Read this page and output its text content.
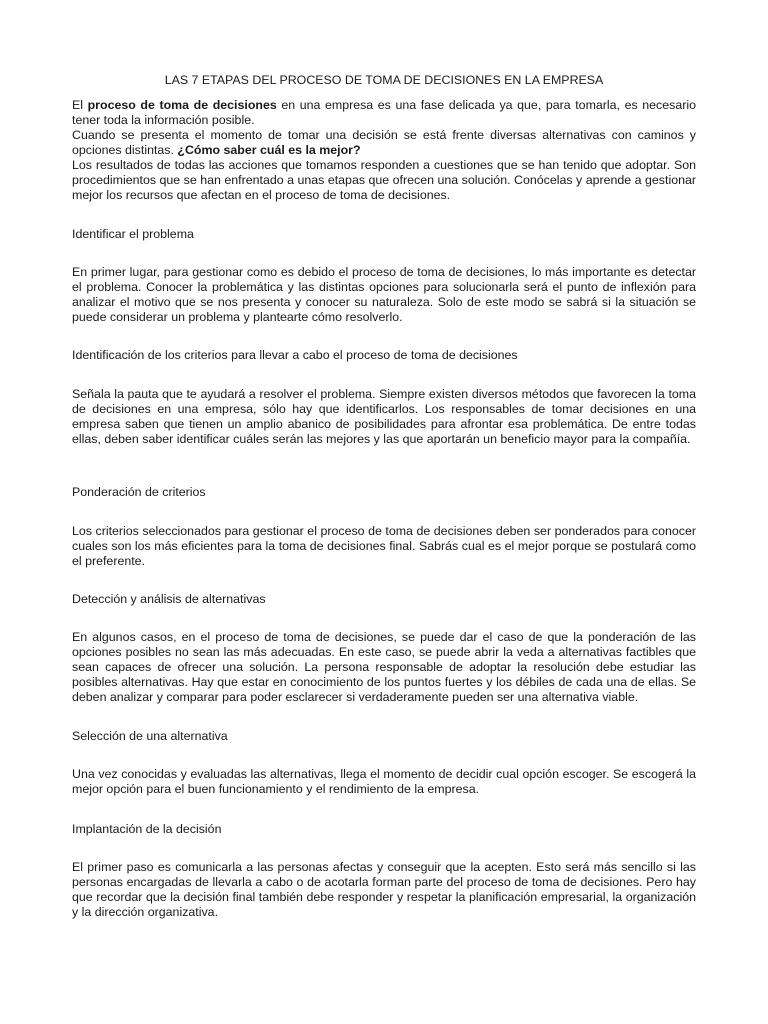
LAS 7 ETAPAS DEL PROCESO DE TOMA DE DECISIONES EN LA EMPRESA
El proceso de toma de decisiones en una empresa es una fase delicada ya que, para tomarla, es necesario tener toda la información posible.
Cuando se presenta el momento de tomar una decisión se está frente diversas alternativas con caminos y opciones distintas. ¿Cómo saber cuál es la mejor?
Los resultados de todas las acciones que tomamos responden a cuestiones que se han tenido que adoptar. Son procedimientos que se han enfrentado a unas etapas que ofrecen una solución. Conócelas y aprende a gestionar mejor los recursos que afectan en el proceso de toma de decisiones.

Identificar el problema

En primer lugar, para gestionar como es debido el proceso de toma de decisiones, lo más importante es detectar el problema. Conocer la problemática y las distintas opciones para solucionarla será el punto de inflexión para analizar el motivo que se nos presenta y conocer su naturaleza. Solo de este modo se sabrá si la situación se puede considerar un problema y plantearte cómo resolverlo.

Identificación de los criterios para llevar a cabo el proceso de toma de decisiones

Señala la pauta que te ayudará a resolver el problema. Siempre existen diversos métodos que favorecen la toma de decisiones en una empresa, sólo hay que identificarlos. Los responsables de tomar decisiones en una empresa saben que tienen un amplio abanico de posibilidades para afrontar esa problemática. De entre todas ellas, deben saber identificar cuáles serán las mejores y las que aportarán un beneficio mayor para la compañía.

Ponderación de criterios

Los criterios seleccionados para gestionar el proceso de toma de decisiones deben ser ponderados para conocer cuales son los más eficientes para la toma de decisiones final. Sabrás cual es el mejor porque se postulará como el preferente.

Detección y análisis de alternativas

En algunos casos, en el proceso de toma de decisiones, se puede dar el caso de que la ponderación de las opciones posibles no sean las más adecuadas. En este caso, se puede abrir la veda a alternativas factibles que sean capaces de ofrecer una solución. La persona responsable de adoptar la resolución debe estudiar las posibles alternativas. Hay que estar en conocimiento de los puntos fuertes y los débiles de cada una de ellas. Se deben analizar y comparar para poder esclarecer si verdaderamente pueden ser una alternativa viable.

Selección de una alternativa

Una vez conocidas y evaluadas las alternativas, llega el momento de decidir cual opción escoger. Se escogerá la mejor opción para el buen funcionamiento y el rendimiento de la empresa.

Implantación de la decisión

El primer paso es comunicarla a las personas afectas y conseguir que la acepten. Esto será más sencillo si las personas encargadas de llevarla a cabo o de acotarla forman parte del proceso de toma de decisiones. Pero hay que recordar que la decisión final también debe responder y respetar la planificación empresarial, la organización y la dirección organizativa.
